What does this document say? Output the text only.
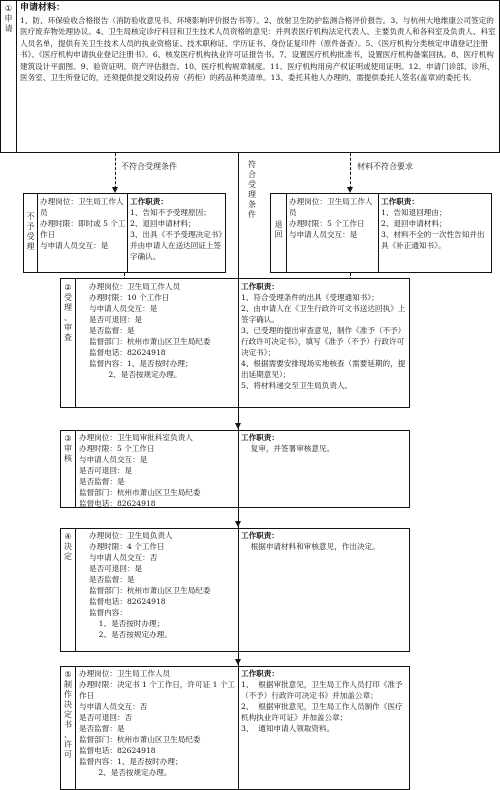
①
申
请
申请材料：
1、防、环保验收合格报告（消防验收意见书、环境影响评价报告书等）。2、放射卫生防护监测合格评价报告。3、与杭州大地维康公司签定的医疗废弃物处理协议。4、卫生局核定诊疗科目和卫生技术人员资格的意见：并列表医疗机构法定代表人、主要负责人和各科室及负责人、科室人员名单，提供有关卫生技术人员的执业资格证、技术职称证、学历证书、身份证复印件（原件备查）。5、《医疗机构分类核定申请登记注册书》、《医疗机构申请执业登记注册书》。6、核发医疗机构执业许可证报告书。7、设置医疗机构批准书，设置医疗机构备案回执。8、医疗机构建筑设计平面图。9、验资证明、资产评估报告。10、医疗机构规章制度。11、医疗机构用房产权证明或使用证明。12、申请门诊部、诊所、医务室、卫生所登记的，还须提供提交附设药房（药柜）的药品种类清单。13、委托其他人办理的，需提供委托人签名(盖章)的委托书。
不符合受理条件	符
合
受
理
条
件
材料不符合要求
不
予
受
理
办理岗位：卫生局工作人员
办理时限：即时或 5 个工作日
与申请人员交互：是
工作职责：
1、告知不予受理原因；
2、退回申请材料；
3、出具《不予受理决定书》并由申请人在送达回证上签字确认。
退
回
办理岗位：卫生局工作人员
办理时限：5 个工作日
与申请人员交互：是
工作职责：
1、告知退回理由；
2、退回申请材料；
3、材料不全的一次性告知并出具《补正通知书》。
②
受
理
、
审
查
办理岗位：卫生局工作人员
办理时限：10 个工作日
与申请人员交互：是
是否可退回：是
是否监督：是
监督部门：杭州市萧山区卫生局纪委
监督电话：82624918
监督内容：1、是否按时办理；
2、是否按规定办理。
工作职责：
1、符合受理条件的出具《受理通知书》；
2、由申请人在《卫生行政许可文书送达回执》上签字确认。
3、已受理的提出审查意见，制作《准予（不予）行政许可决定书》，填写《准予（不予）行政许可决定书》；
4、根据需要安排现场实地核查（需要延期的，提出延期意见）；
5、将材料递交至卫生局负责人。
③
审
核
办理岗位：卫生局审批科室负责人
办理时限：5 个工作日
与申请人员交互：是
是否可退回：是
是否监督：是
监督部门：杭州市萧山区卫生局纪委
监督电话：82624918
工作职责：
复审，并签署审核意见。
④
决
定
办理岗位：卫生局负责人
办理时限：4 个工作日
与申请人员交互：否
是否可退回：是
是否监督：是
监督部门：杭州市萧山区卫生局纪委
监督电话：82624918
监督内容：
1、是否按时办理；
2、是否按规定办理。
工作职责：
根据申请材料和审核意见，作出决定。
⑤
制
作
决
定
书
、
许
可
办理岗位：卫生局工作人员
办理时限：决定书 1 个工作日，许可证 1 个工作日
与申请人员交互：否
是否可退回：否
是否监督：是
监督部门：杭州市萧山区卫生局纪委
监督电话：82624918
监督内容：1、是否按时办理；
2、是否按规定办理。
工作职责：
1、  根据审批意见，卫生局工作人员打印《准予（不予）行政许可决定书》并加盖公章；
2、  根据审批意见，卫生局工作人员制作《医疗机构执业许可证》并加盖公章；
3、  通知申请人领取资料。
